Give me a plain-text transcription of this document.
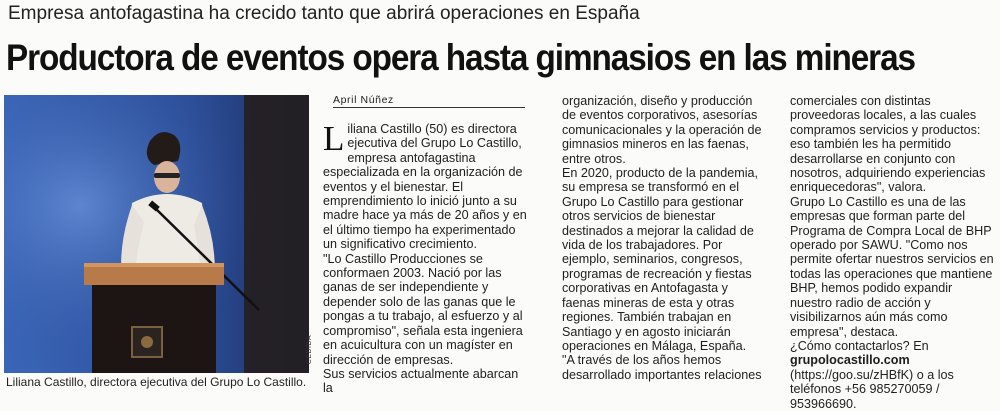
Empresa antofagastina ha crecido tanto que abrirá operaciones en España
Productora de eventos opera hasta gimnasios en las mineras
CEDIDA
Liliana Castillo, directora ejecutiva del Grupo Lo Castillo.
April Núñez

Liliana Castillo (50) es directora ejecutiva del Grupo Lo Castillo, empresa antofagastina especializada en la organización de eventos y el bienestar. El emprendimiento lo inició junto a su madre hace ya más de 20 años y en el último tiempo ha experimentado un significativo crecimiento.

"Lo Castillo Producciones se conformaen 2003. Nació por las ganas de ser independiente y depender solo de las ganas que le pongas a tu trabajo, al esfuerzo y al compromiso", señala esta ingeniera en acuicultura con un magíster en dirección de empresas.

Sus servicios actualmente abarcan la

organización, diseño y producción de eventos corporativos, asesorías comunicacionales y la operación de gimnasios mineros en las faenas, entre otros.

En 2020, producto de la pandemia, su empresa se transformó en el Grupo Lo Castillo para gestionar otros servicios de bienestar destinados a mejorar la calidad de vida de los trabajadores. Por ejemplo, seminarios, congresos, programas de recreación y fiestas corporativas en Antofagasta y faenas mineras de esta y otras regiones. También trabajan en Santiago y en agosto iniciarán operaciones en Málaga, España.

"A través de los años hemos desarrollado importantes relaciones

comerciales con distintas proveedoras locales, a las cuales compramos servicios y productos: eso también les ha permitido desarrollarse en conjunto con nosotros, adquiriendo experiencias enriquecedoras", valora.

Grupo Lo Castillo es una de las empresas que forman parte del Programa de Compra Local de BHP operado por SAWU. "Como nos permite ofertar nuestros servicios en todas las operaciones que mantiene BHP, hemos podido expandir nuestro radio de acción y visibilizarnos aún más como empresa", destaca.

¿Cómo contactarlos? En grupolocastillo.com (https://goo.su/zHBfK) o a los teléfonos +56 985270059 / 953966690.
